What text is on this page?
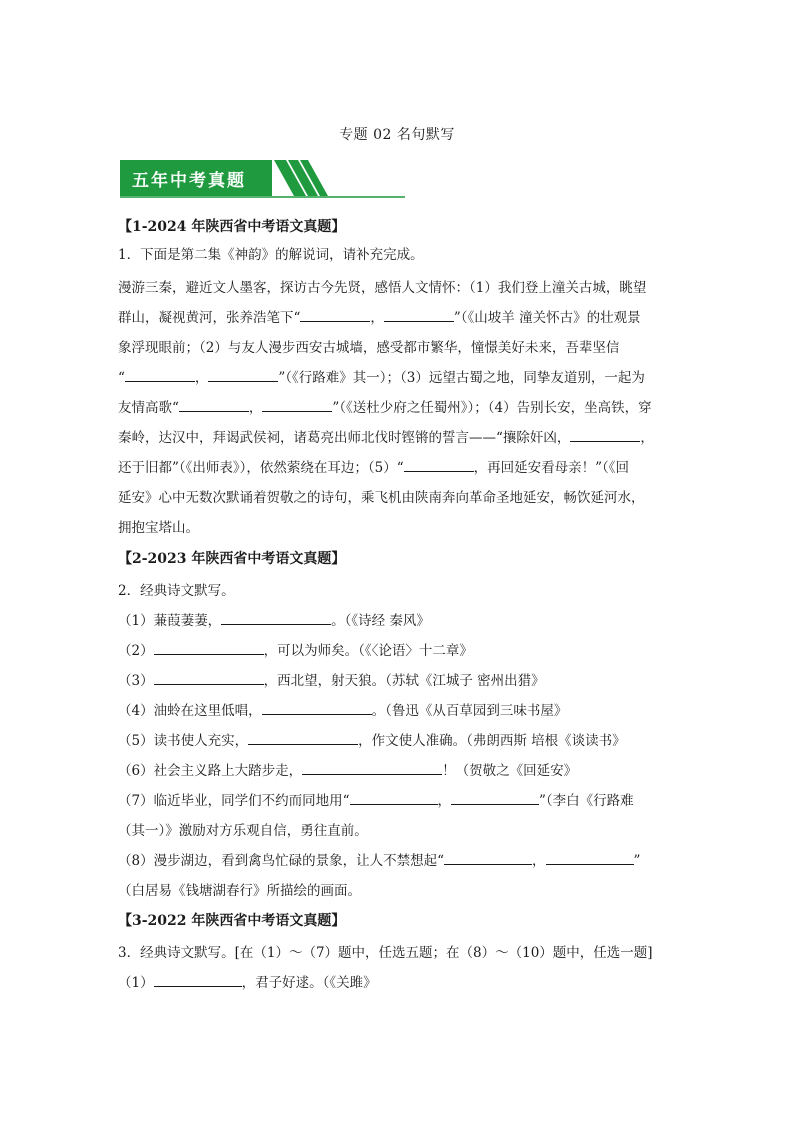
专题 02 名句默写
五年中考真题

【1-2024 年陕西省中考语文真题】

1．下面是第二集《神韵》的解说词，请补充完成。

漫游三秦，避近文人墨客，探访古今先贤，感悟人文情怀：（1）我们登上潼关古城，眺望

群山，凝视黄河，张养浩笔下“	，	”（《山坡羊 潼关怀古》的壮观景

象浮现眼前；（2）与友人漫步西安古城墙，感受都市繁华，憧憬美好未来，吾辈坚信

“	，	”（《行路难》其一）；（3）远望古蜀之地，同挚友道别，一起为

友情高歌“	，	”（《送杜少府之任蜀州》）；（4）告别长安，坐高铁，穿

秦岭，达汉中，拜谒武侯祠，诸葛亮出师北伐时铿锵的誓言——“攘除奸凶，	，

还于旧都”（《出师表》），依然萦绕在耳边；（5）“	，再回延安看母亲！”（《回

延安》心中无数次默诵着贺敬之的诗句，乘飞机由陕南奔向革命圣地延安，畅饮延河水，

拥抱宝塔山。

【2-2023 年陕西省中考语文真题】

2．经典诗文默写。

（1）蒹葭萋萋，	。（《诗经 秦风》

（2）	，可以为师矣。（《〈论语〉十二章》

（3）	，西北望，射天狼。（苏轼《江城子 密州出猎》

（4）油蛉在这里低唱，	。（鲁迅《从百草园到三味书屋》

（5）读书使人充实，	，作文使人准确。（弗朗西斯 培根《谈读书》

（6）社会主义路上大踏步走，	！（贺敬之《回延安》

（7）临近毕业，同学们不约而同地用“	，	”（李白《行路难

（其一）》激励对方乐观自信，勇往直前。

（8）漫步湖边，看到禽鸟忙碌的景象，让人不禁想起“	，	”

（白居易《钱塘湖春行》所描绘的画面。

【3-2022 年陕西省中考语文真题】

3．经典诗文默写。[在（1）～（7）题中，任选五题；在（8）～（10）题中，任选一题]

（1）	，君子好逑。（《关雎》
